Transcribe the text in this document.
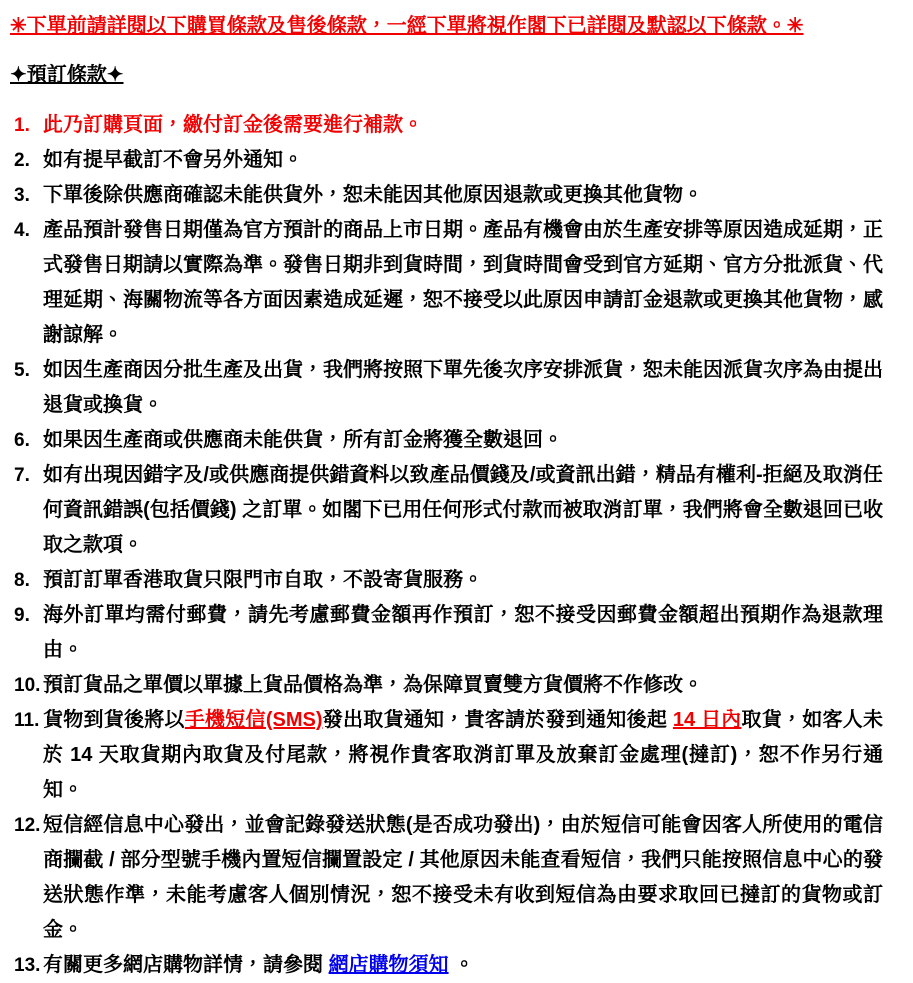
✳下單前請詳閱以下購買條款及售後條款，一經下單將視作閣下已詳閱及默認以下條款。✳

✦預訂條款✦
此乃訂購頁面，繳付訂金後需要進行補款。
如有提早截訂不會另外通知。
下單後除供應商確認未能供貨外，恕未能因其他原因退款或更換其他貨物。
產品預計發售日期僅為官方預計的商品上市日期。產品有機會由於生產安排等原因造成延期，正式發售日期請以實際為準。發售日期非到貨時間，到貨時間會受到官方延期、官方分批派貨、代理延期、海關物流等各方面因素造成延遲，恕不接受以此原因申請訂金退款或更換其他貨物，感謝諒解。
如因生產商因分批生產及出貨，我們將按照下單先後次序安排派貨，恕未能因派貨次序為由提出退貨或換貨。
如果因生產商或供應商未能供貨，所有訂金將獲全數退回。
如有出現因錯字及/或供應商提供錯資料以致產品價錢及/或資訊出錯，精品有權利-拒絕及取消任何資訊錯誤(包括價錢) 之訂單。如閣下已用任何形式付款而被取消訂單，我們將會全數退回已收取之款項。
預訂訂單香港取貨只限門市自取，不設寄貨服務。
海外訂單均需付郵費，請先考慮郵費金額再作預訂，恕不接受因郵費金額超出預期作為退款理由。
預訂貨品之單價以單據上貨品價格為準，為保障買賣雙方貨價將不作修改。
貨物到貨後將以手機短信(SMS)發出取貨通知，貴客請於發到通知後起 14 日內取貨，如客人未於 14 天取貨期內取貨及付尾款，將視作貴客取消訂單及放棄訂金處理(撻訂)，恕不作另行通知。
短信經信息中心發出，並會記錄發送狀態(是否成功發出)，由於短信可能會因客人所使用的電信商攔截 / 部分型號手機內置短信攔置設定 / 其他原因未能查看短信，我們只能按照信息中心的發送狀態作準，未能考慮客人個別情況，恕不接受未有收到短信為由要求取回已撻訂的貨物或訂金。
有關更多網店購物詳情，請參閱 網店購物須知 。
